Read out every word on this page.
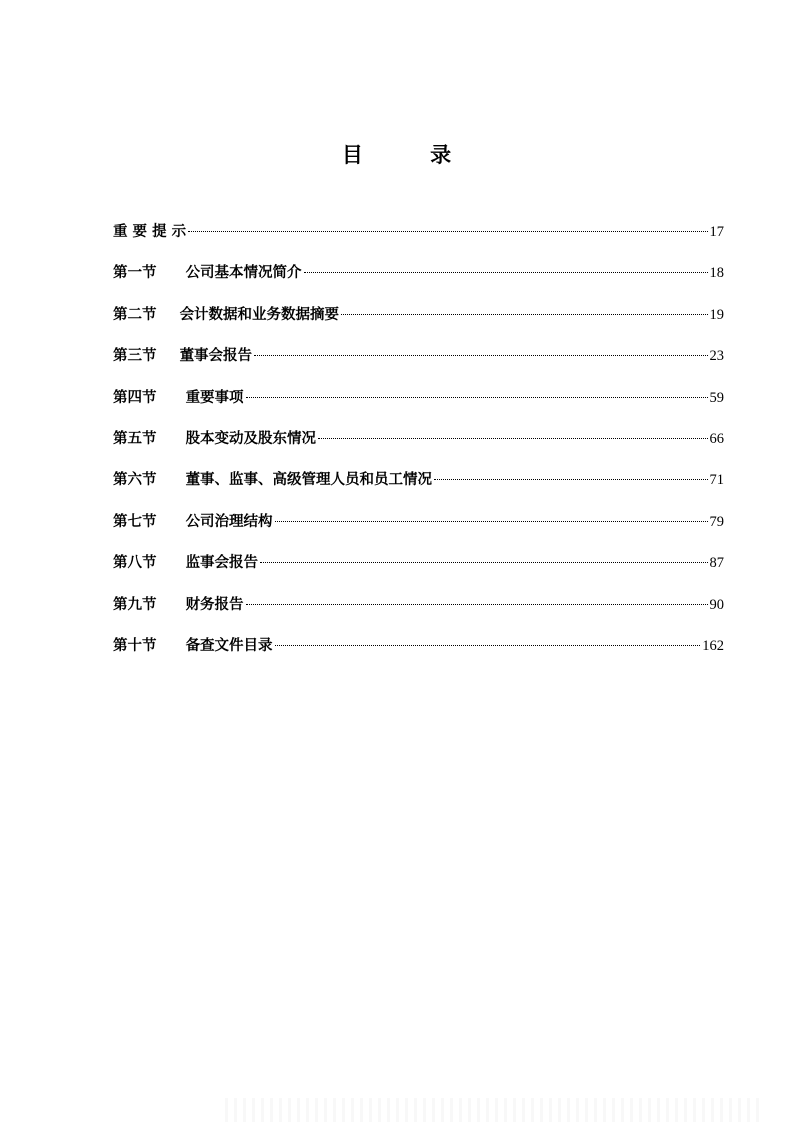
目 录
重 要 提 示	17
第一节 公司基本情况简介	18
第二节 会计数据和业务数据摘要	19
第三节 董事会报告	23
第四节 重要事项	59
第五节 股本变动及股东情况	66
第六节 董事、监事、高级管理人员和员工情况	71
第七节 公司治理结构	79
第八节 监事会报告	87
第九节 财务报告	90
第十节 备查文件目录	162
